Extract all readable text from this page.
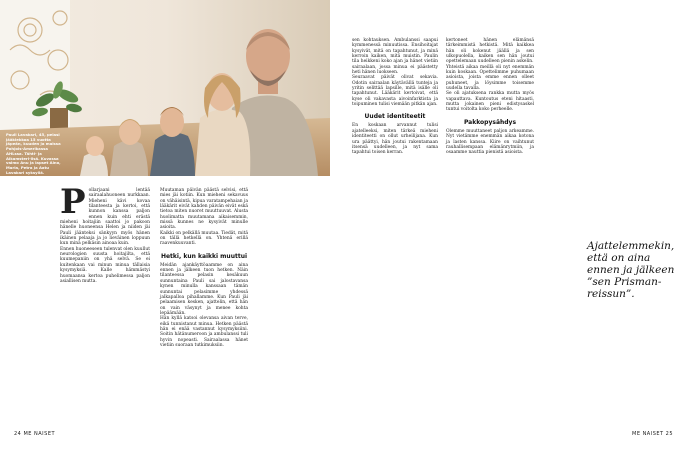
Pauli Lavakari, 45, pelasi jääkiekkoa 15 vuotta Jäpeän, kuuden ja maissa Pohjois-Amerikassa AHLssa. Tähti- ja Aikamsteri-lisä. Kuvassa vaimo Anu ja lapset Aino, Maria, Petra ja Aatu Lavakari syksyllä.
P ollarjaani lentää sairaalahuoneen nurkkaan. Mieheni kävi kovaa tilanteesta ja kertoi, että kunnon kanssa paljon ennen kuin ehti erästä mieheni hoitajiin saattoi jo pakoon hänelle huoneensa Helen ja niiden jäi Pauli jäänteksi sänkyyn myös hänen ikäinen pelaaja ja jo lieväinen loppuun kun minä pelkäsin ainoaa kuin.

Ennen huoneeseen tulenvat olen kuullut neurologien suusta hoitajilta, että kuumepaniin on yhä selvä. Se ei kuitenkaan vai minun minua tällaisia kysymyksiä. Kalle hämmästyi huomaansa kertoa puhelimessa paljon asiallisen mutta.

Muutaman päivän päästä selvisi, että mies jäi kotiin. Kun mieheni sekavuus on vähäisintä, kipua varatampehaian ja lääkärit eivät kahden päivän eivät eskä tietoa miten nuoret muuttuuvat. Alusta huolimatta muutamana aikaisemmin, missä kunnes ne kysyivät minulle asioita.

Kaikki on pelkällä muutaa. Tiedät, mitä on tällä hetkellä on. Yhtenä erillä raavenkuuvanti.

Hetki, kun kaikki muuttui

Meidän ajankäyttöaamme on aina ennen ja jälkeen tuon hetken. Näin tilanteessa pelasin kesäkuun sunnuntaina Pauli sai jalostavansa kynen minulla kanssaan tämän sunnuntai pelasimme yhdessä jalkapalloa pihallamme. Kun Pauli jäi pelaamisen kesken, ajattelin, että hän on vain väsynyt ja menee kohta lepäämään.

Hän kyllä katsoi olevansa aivan terve, eikä tunnistanut minua. Hetken päästä hän ei enää vastannut kysymyksiini. Soitin hätänumeroon ja ambulanssi tuli hyvin nopeasti. Sairaalassa hänet vietiin suoraan tutkimuksiin.

24 ME NAISET

sen kohtauksen. Ambulanssi saapui kymmenessä minuutissa. Ensihoitajat kysyivät, mitä on tapahtunut, ja minä kerroin kaiken, mitä muistin. Paulin tila heikkeni koko ajan ja hänet vietiin sairaalaan, jossa minua ei päästetty heti hänen luokseen.

Seuraavat päivät olivat sekavia. Odotin sairaalan käytävällä tunteja ja yritin selittää lapsille, mitä isälle oli tapahtunut. Lääkärit kertoivat, että kyse oli vakavasta aivoinfarktista ja toipuminen tulisi viemään pitkän ajan.

Uudet identiteetit

En koskaan arvannut tulisi ajatelleeksi, miten tärkeä mieheni identiteetti on ollut urheilijana. Kun ura päättyi, hän joutui rakentamaan itsensä uudelleen, ja nyt sama tapahtui toisen kerran.

kertoneet hänen elämänsä tärkeimmistä hetkistä. Mitä kaikkea hän oli kokenut jäällä ja sen ulkopuolella, kaiken sen hän joutui opettelemaan uudelleen pienin askelin.

Yhteistä aikaa meillä oli nyt enemmän kuin koskaan. Opettelimme puhumaan asioista, joista emme ennen olleet puhuneet, ja löysimme toisemme uudella tavalla.

Se oli ajatuksena rankka mutta myös vapauttava. Kuntoutus eteni hitaasti, mutta jokainen pieni edistysaskel tuntui voitolta koko perheelle.

Pakkopysähdys

Olemme muuttaneet paljon arkeamme. Nyt vietämme enemmän aikaa kotona ja lasten kanssa. Kiire on vaihtunut rauhallisempaan elämänrytmiin, ja osaamme nauttia pienistä asioista.

ME NAISET 25
Ajattelemmekin, että on aina ennen ja jälkeen ”sen Prisman-reissun”.
